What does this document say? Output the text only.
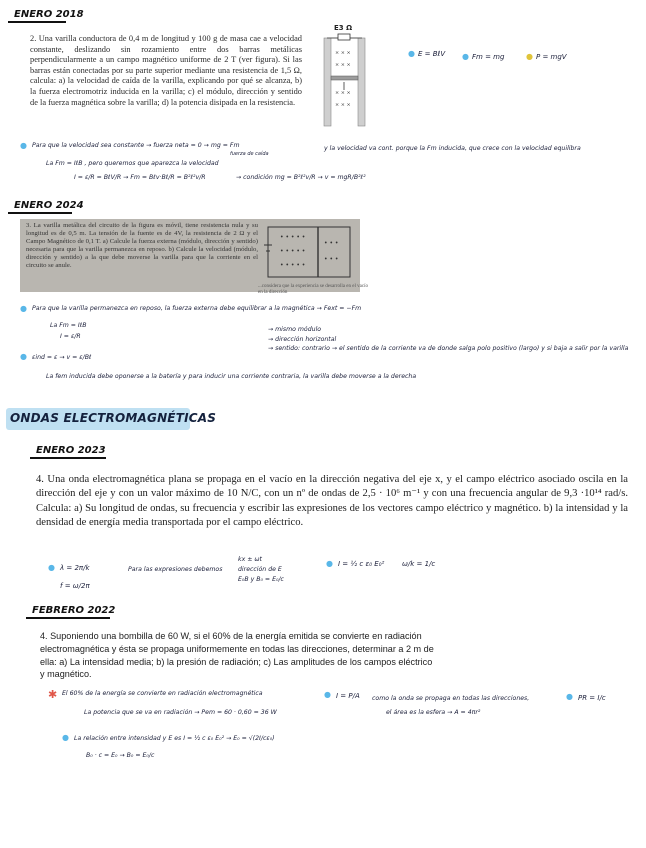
ENERO 2018
2. Una varilla conductora de 0,4 m de longitud y 100 g de masa cae a velocidad constante, deslizando sin rozamiento entre dos barras metálicas perpendicularmente a un campo magnético uniforme de 2 T (ver figura). Si las barras están conectadas por su parte superior mediante una resistencia de 1,5 Ω, calcula: a) la velocidad de caída de la varilla, explicando por qué se alcanza, b) la fuerza electromotriz inducida en la varilla; c) el módulo, dirección y sentido de la fuerza magnética sobre la varilla; d) la potencia disipada en la resistencia.
E3 Ω
× × ×
× × ×
× × ×
× × ×
● E = BℓV ● Fm = mg	● P = mgV
● Para que la velocidad sea constante → fuerza neta = 0 → mg = Fm
fuerza de caída
y la velocidad va cont. porque la Fm inducida, que crece con la velocidad equilibra
La Fm = IℓB , pero queremos que aparezca la velocidad
I = ε/R = BℓV/R → Fm = Bℓv·Bℓ/R = B²ℓ²v/R	→ condición mg = B²ℓ²v/R → v = mgR/B²ℓ²
ENERO 2024
3. La varilla metálica del circuito de la figura es móvil, tiene resistencia nula y su longitud es de 0,5 m. La tensión de la fuente es de 4V, la resistencia de 2 Ω y el Campo Magnético de 0,1 T. a) Calcule la fuerza externa (módulo, dirección y sentido) necesaria para que la varilla permanezca en reposo. b) Calcule la velocidad (módulo, dirección y sentido) a la que debe moverse la varilla para que la corriente en el circuito se anule.
• • • • •
• • • • •
• • • • •
• • •
• • •
...considera que la experiencia se desarrolla en el vacío en la dirección
● Para que la varilla permanezca en reposo, la fuerza externa debe equilibrar a la magnética → Fext = −Fm
La Fm = IℓB
I = ε/R
→ mismo módulo
→ dirección horizontal
→ sentido: contrario → el sentido de la corriente va de donde salga polo positivo (largo) y si baja a salir por la varilla
● εind = ε → v = ε/Bℓ
La fem inducida debe oponerse a la batería y para inducir una corriente contraria, la varilla debe moverse a la derecha
ONDAS ELECTROMAGNÉTICAS
ENERO 2023
4. Una onda electromagnética plana se propaga en el vacío en la dirección negativa del eje x, y el campo eléctrico asociado oscila en la dirección del eje y con un valor máximo de 10 N/C, con un nº de ondas de 2,5 · 10⁶ m⁻¹ y con una frecuencia angular de 9,3 ·10¹⁴ rad/s. Calcula: a) Su longitud de ondas, su frecuencia y escribir las expresiones de los vectores campo eléctrico y magnético. b) la intensidad y la densidad de energía media transportada por el campo eléctrico.
● λ = 2π/k
f = ω/2π
Para las expresiones debemos
kx ± ωt
dirección de E
E₀B y B₀ = E₀/c
● I = ½ c ε₀ E₀²	ω/k = 1/c
FEBRERO 2022
4. Suponiendo una bombilla de 60 W, si el 60% de la energía emitida se convierte en radiación electromagnética y ésta se propaga uniformemente en todas las direcciones, determinar a 2 m de ella: a) La intensidad media; b) la presión de radiación; c) Las amplitudes de los campos eléctrico y magnético.
✱ El 60% de la energía se convierte en radiación electromagnética
La potencia que se va en radiación → Pem = 60 · 0,60 = 36 W
● I = P/A como la onda se propaga en todas las direcciones,
el área es la esfera → A = 4πr²
● PR = I/c
● La relación entre intensidad y E es I = ½ c ε₀ E₀² → E₀ = √(2I/cε₀)
B₀ · c = E₀ → B₀ = E₀/c
